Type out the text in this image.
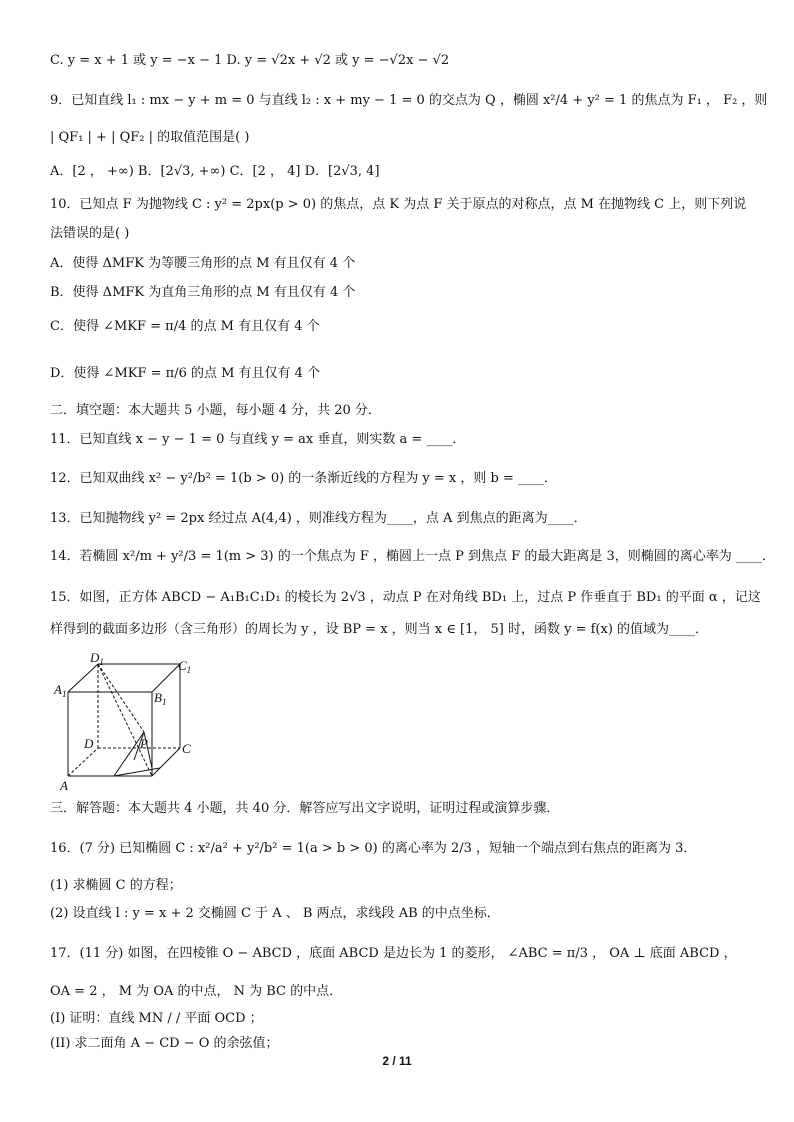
C. y = x + 1 或 y = −x − 1 D. y = √2x + √2 或 y = −√2x − √2
9．已知直线 l₁ : mx − y + m = 0 与直线 l₂ : x + my − 1 = 0 的交点为 Q ，椭圆 x²/4 + y² = 1 的焦点为 F₁ ， F₂ ，则
| QF₁ | + | QF₂ | 的取值范围是( )
A．[2 ， +∞) B．[2√3, +∞) C．[2 ， 4] D．[2√3, 4]
10．已知点 F 为抛物线 C : y² = 2px(p > 0) 的焦点，点 K 为点 F 关于原点的对称点，点 M 在抛物线 C 上，则下列说
法错误的是( )
A．使得 ΔMFK 为等腰三角形的点 M 有且仅有 4 个
B．使得 ΔMFK 为直角三角形的点 M 有且仅有 4 个
C．使得 ∠MKF = π/4 的点 M 有且仅有 4 个
D．使得 ∠MKF = π/6 的点 M 有且仅有 4 个
二．填空题：本大题共 5 小题，每小题 4 分，共 20 分．
11．已知直线 x − y − 1 = 0 与直线 y = ax 垂直，则实数 a = ____．
12．已知双曲线 x² − y²/b² = 1(b > 0) 的一条渐近线的方程为 y = x ，则 b = ____．
13．已知抛物线 y² = 2px 经过点 A(4,4) ，则准线方程为____，点 A 到焦点的距离为____．
14．若椭圆 x²/m + y²/3 = 1(m > 3) 的一个焦点为 F ，椭圆上一点 P 到焦点 F 的最大距离是 3，则椭圆的离心率为 ____．
15．如图，正方体 ABCD − A₁B₁C₁D₁ 的棱长为 2√3 ，动点 P 在对角线 BD₁ 上，过点 P 作垂直于 BD₁ 的平面 α ，记这
样得到的截面多边形（含三角形）的周长为 y ，设 BP = x ，则当 x ∈ [1， 5] 时，函数 y = f(x) 的值域为____．
$D_1$	$C_1$
$A_1$	$B_1$
D	P	C
A
三．解答题：本大题共 4 小题，共 40 分．解答应写出文字说明，证明过程或演算步骤．
16．(7 分) 已知椭圆 C : x²/a² + y²/b² = 1(a > b > 0) 的离心率为 2/3 ，短轴一个端点到右焦点的距离为 3．
(1) 求椭圆 C 的方程；
(2) 设直线 l : y = x + 2 交椭圆 C 于 A 、 B 两点，求线段 AB 的中点坐标．
17．(11 分) 如图，在四棱锥 O − ABCD ，底面 ABCD 是边长为 1 的菱形， ∠ABC = π/3 ， OA ⊥ 底面 ABCD ，
OA = 2 ， M 为 OA 的中点， N 为 BC 的中点．
(I) 证明：直线 MN / / 平面 OCD ；
(II) 求二面角 A − CD − O 的余弦值；
2 / 11
